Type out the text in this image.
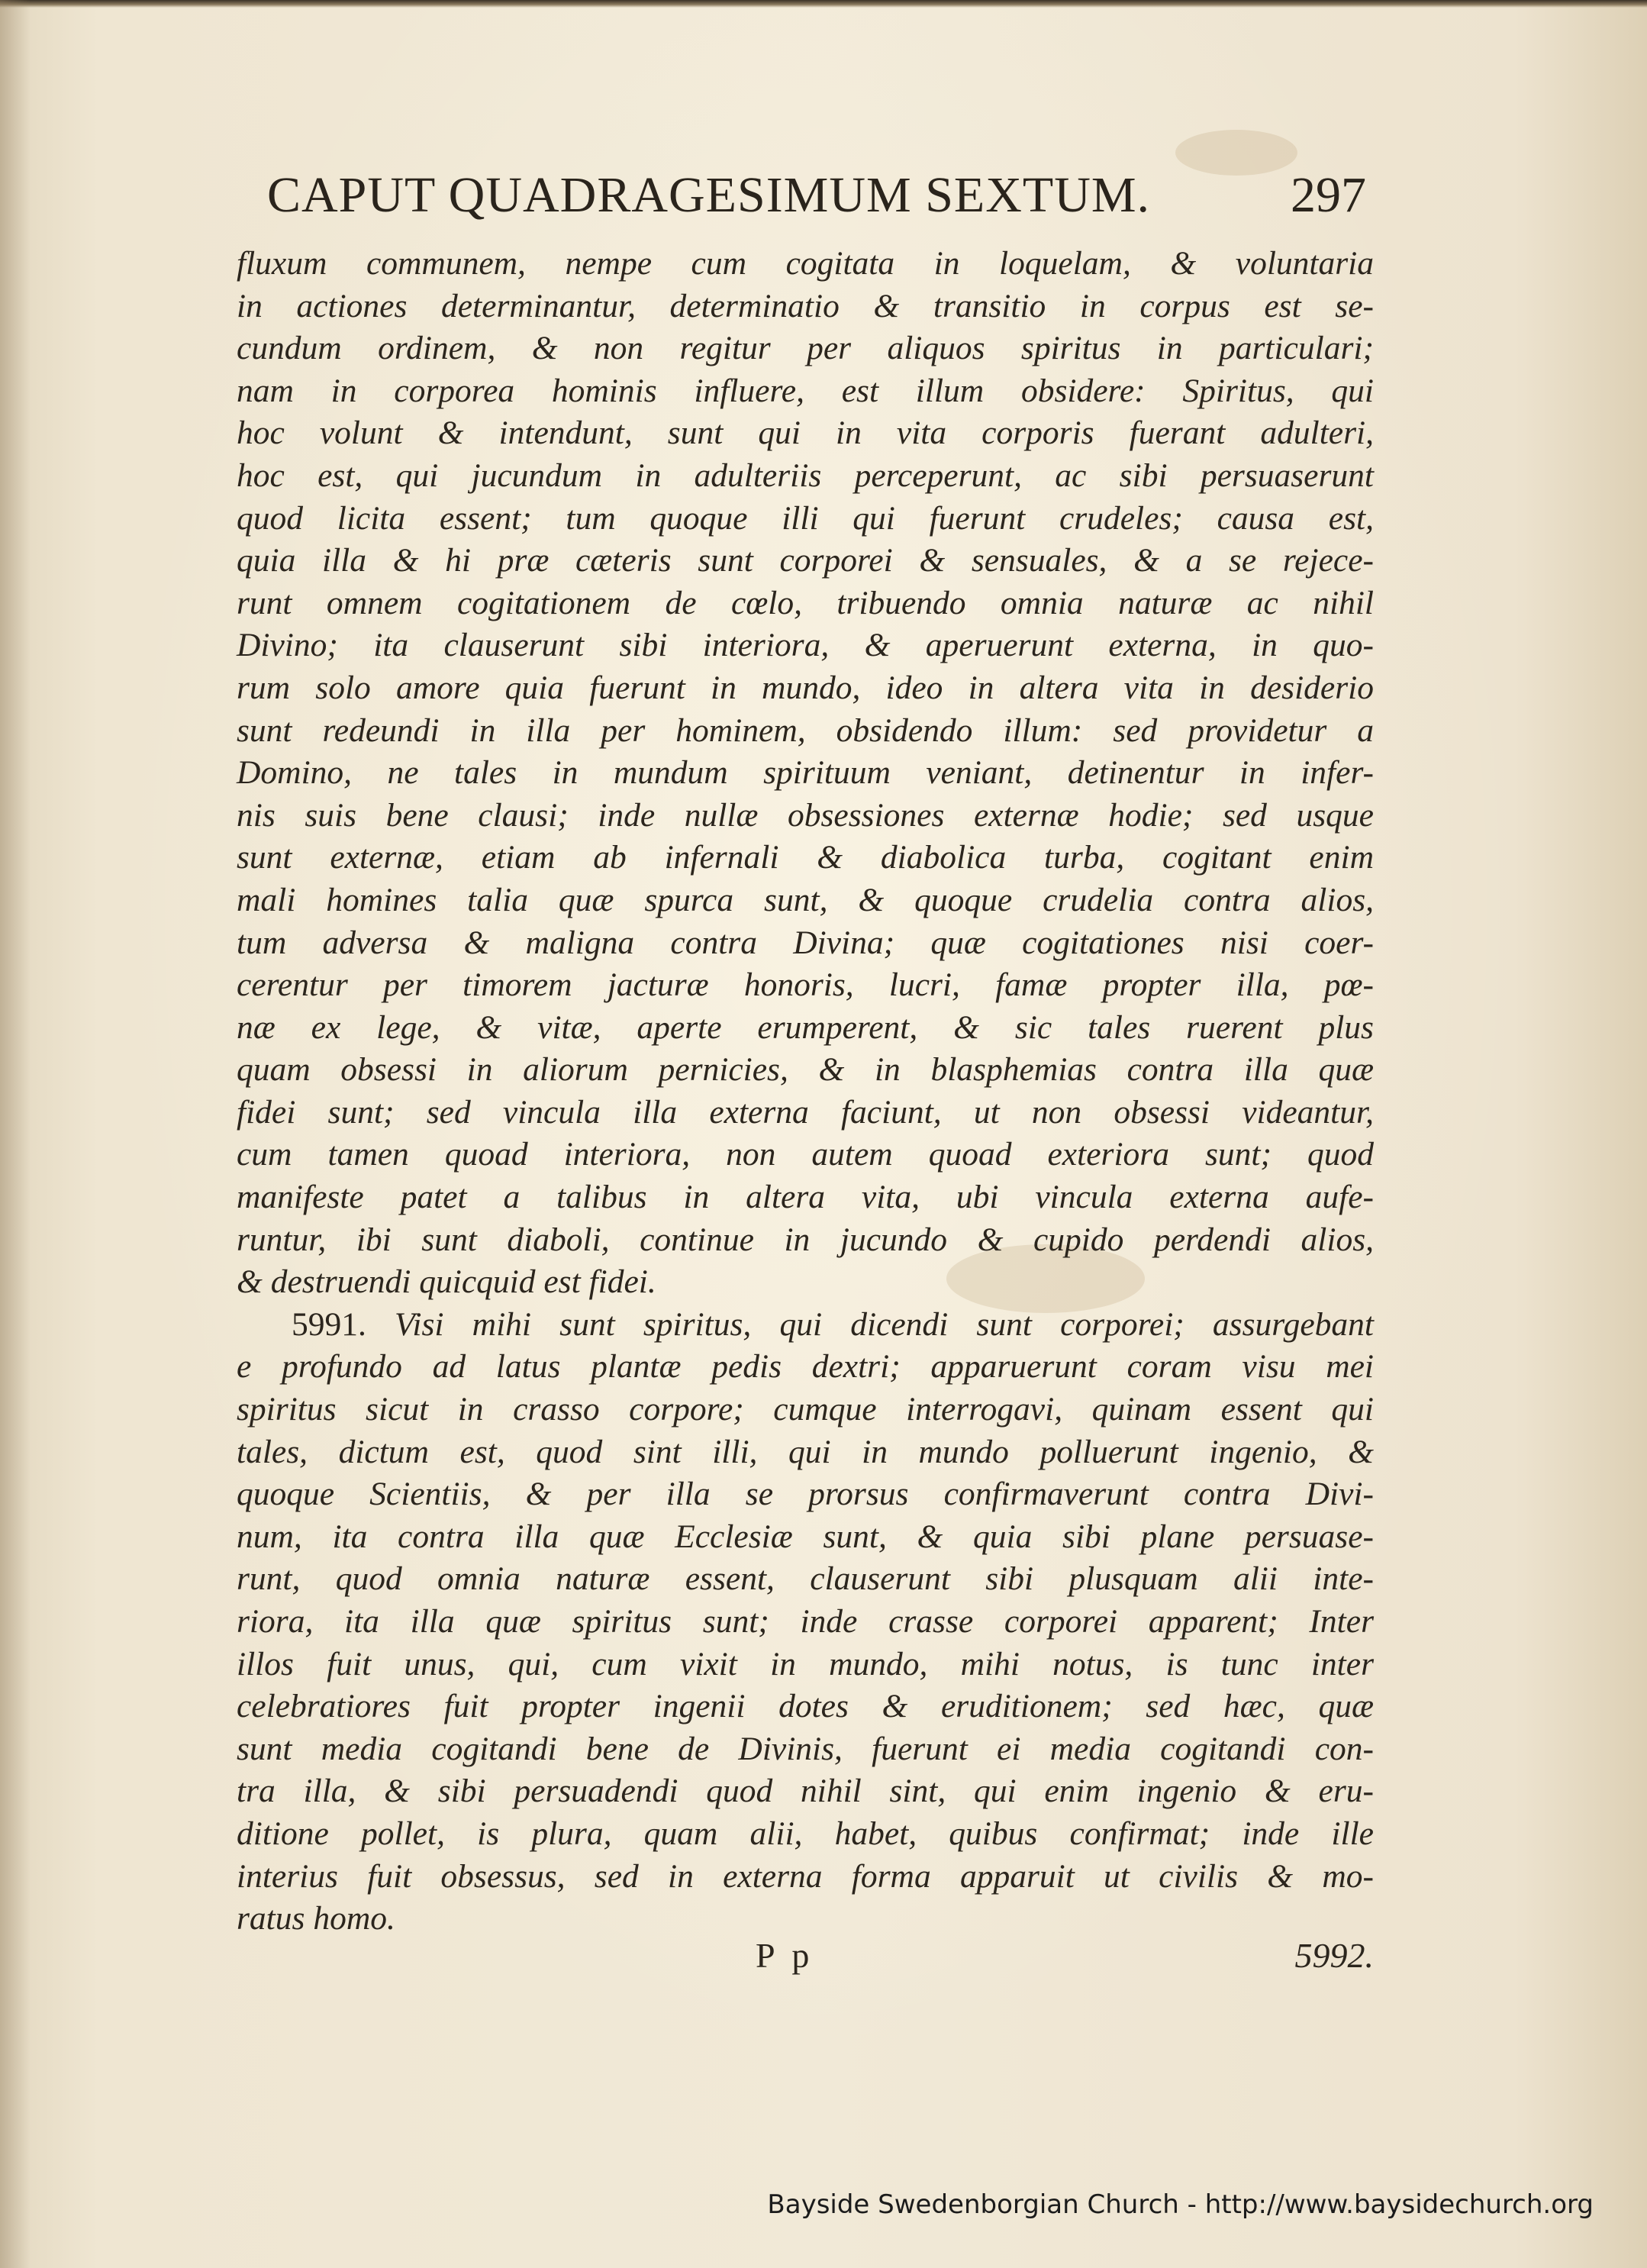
CAPUT QUADRAGESIMUM SEXTUM.	297
fluxum communem, nempe cum cogitata in loquelam, & voluntaria
in actiones determinantur, determinatio & transitio in corpus est se-
cundum ordinem, & non regitur per aliquos spiritus in particulari;
nam in corporea hominis influere, est illum obsidere: Spiritus, qui
hoc volunt & intendunt, sunt qui in vita corporis fuerant adulteri,
hoc est, qui jucundum in adulteriis perceperunt, ac sibi persuaserunt
quod licita essent; tum quoque illi qui fuerunt crudeles; causa est,
quia illa & hi præ cæteris sunt corporei & sensuales, & a se rejece-
runt omnem cogitationem de cœlo, tribuendo omnia naturæ ac nihil
Divino; ita clauserunt sibi interiora, & aperuerunt externa, in quo-
rum solo amore quia fuerunt in mundo, ideo in altera vita in desiderio
sunt redeundi in illa per hominem, obsidendo illum: sed providetur a
Domino, ne tales in mundum spirituum veniant, detinentur in infer-
nis suis bene clausi; inde nullæ obsessiones externæ hodie; sed usque
sunt externæ, etiam ab infernali & diabolica turba, cogitant enim
mali homines talia quæ spurca sunt, & quoque crudelia contra alios,
tum adversa & maligna contra Divina; quæ cogitationes nisi coer-
cerentur per timorem jacturæ honoris, lucri, famæ propter illa, pœ-
næ ex lege, & vitæ, aperte erumperent, & sic tales ruerent plus
quam obsessi in aliorum pernicies, & in blasphemias contra illa quæ
fidei sunt; sed vincula illa externa faciunt, ut non obsessi videantur,
cum tamen quoad interiora, non autem quoad exteriora sunt; quod
manifeste patet a talibus in altera vita, ubi vincula externa aufe-
runtur, ibi sunt diaboli, continue in jucundo & cupido perdendi alios,
& destruendi quicquid est fidei.
5991. Visi mihi sunt spiritus, qui dicendi sunt corporei; assurgebant
e profundo ad latus plantæ pedis dextri; apparuerunt coram visu mei
spiritus sicut in crasso corpore; cumque interrogavi, quinam essent qui
tales, dictum est, quod sint illi, qui in mundo polluerunt ingenio, &
quoque Scientiis, & per illa se prorsus confirmaverunt contra Divi-
num, ita contra illa quæ Ecclesiæ sunt, & quia sibi plane persuase-
runt, quod omnia naturæ essent, clauserunt sibi plusquam alii inte-
riora, ita illa quæ spiritus sunt; inde crasse corporei apparent; Inter
illos fuit unus, qui, cum vixit in mundo, mihi notus, is tunc inter
celebratiores fuit propter ingenii dotes & eruditionem; sed hæc, quæ
sunt media cogitandi bene de Divinis, fuerunt ei media cogitandi con-
tra illa, & sibi persuadendi quod nihil sint, qui enim ingenio & eru-
ditione pollet, is plura, quam alii, habet, quibus confirmat; inde ille
interius fuit obsessus, sed in externa forma apparuit ut civilis & mo-
ratus homo.
P p	5992.
Bayside Swedenborgian Church - http://www.baysidechurch.org
